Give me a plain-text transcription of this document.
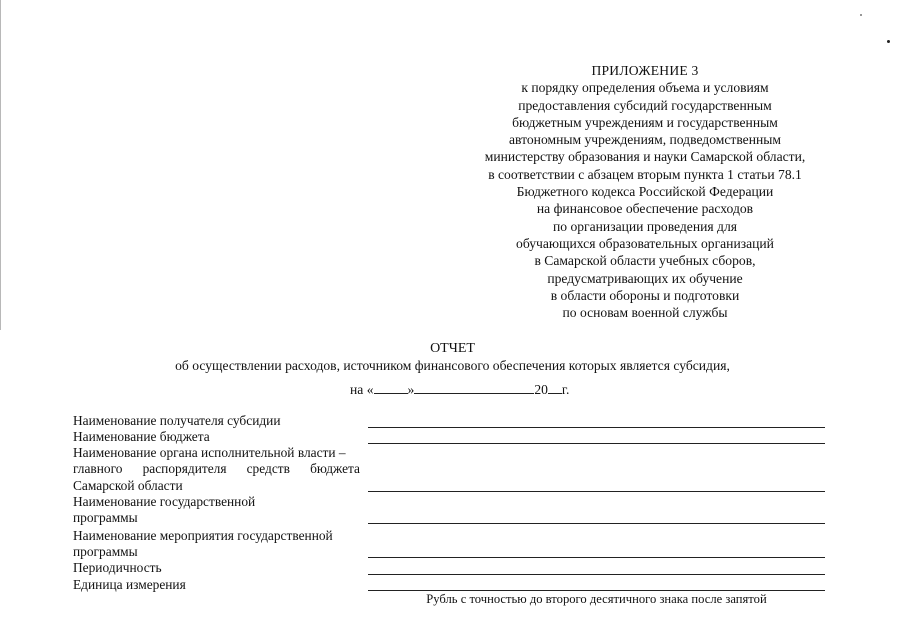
ПРИЛОЖЕНИЕ 3
к порядку определения объема и условиям
предоставления субсидий государственным
бюджетным учреждениям и государственным
автономным учреждениям, подведомственным
министерству образования и науки Самарской области,
в соответствии с абзацем вторым пункта 1 статьи 78.1
Бюджетного кодекса Российской Федерации
на финансовое обеспечение расходов
по организации проведения для
обучающихся образовательных организаций
в Самарской области учебных сборов,
предусматривающих их обучение
в области обороны и подготовки
по основам военной службы
ОТЧЕТ
об осуществлении расходов, источником финансового обеспечения которых является субсидия,
на «	»	20 г.
Наименование получателя субсидии
Наименование бюджета
Наименование органа исполнительной власти –
главного распорядителя средств бюджета
Самарской области
Наименование государственной
программы
Наименование мероприятия государственной
программы
Периодичность
Единица измерения
Рубль с точностью до второго десятичного знака после запятой
